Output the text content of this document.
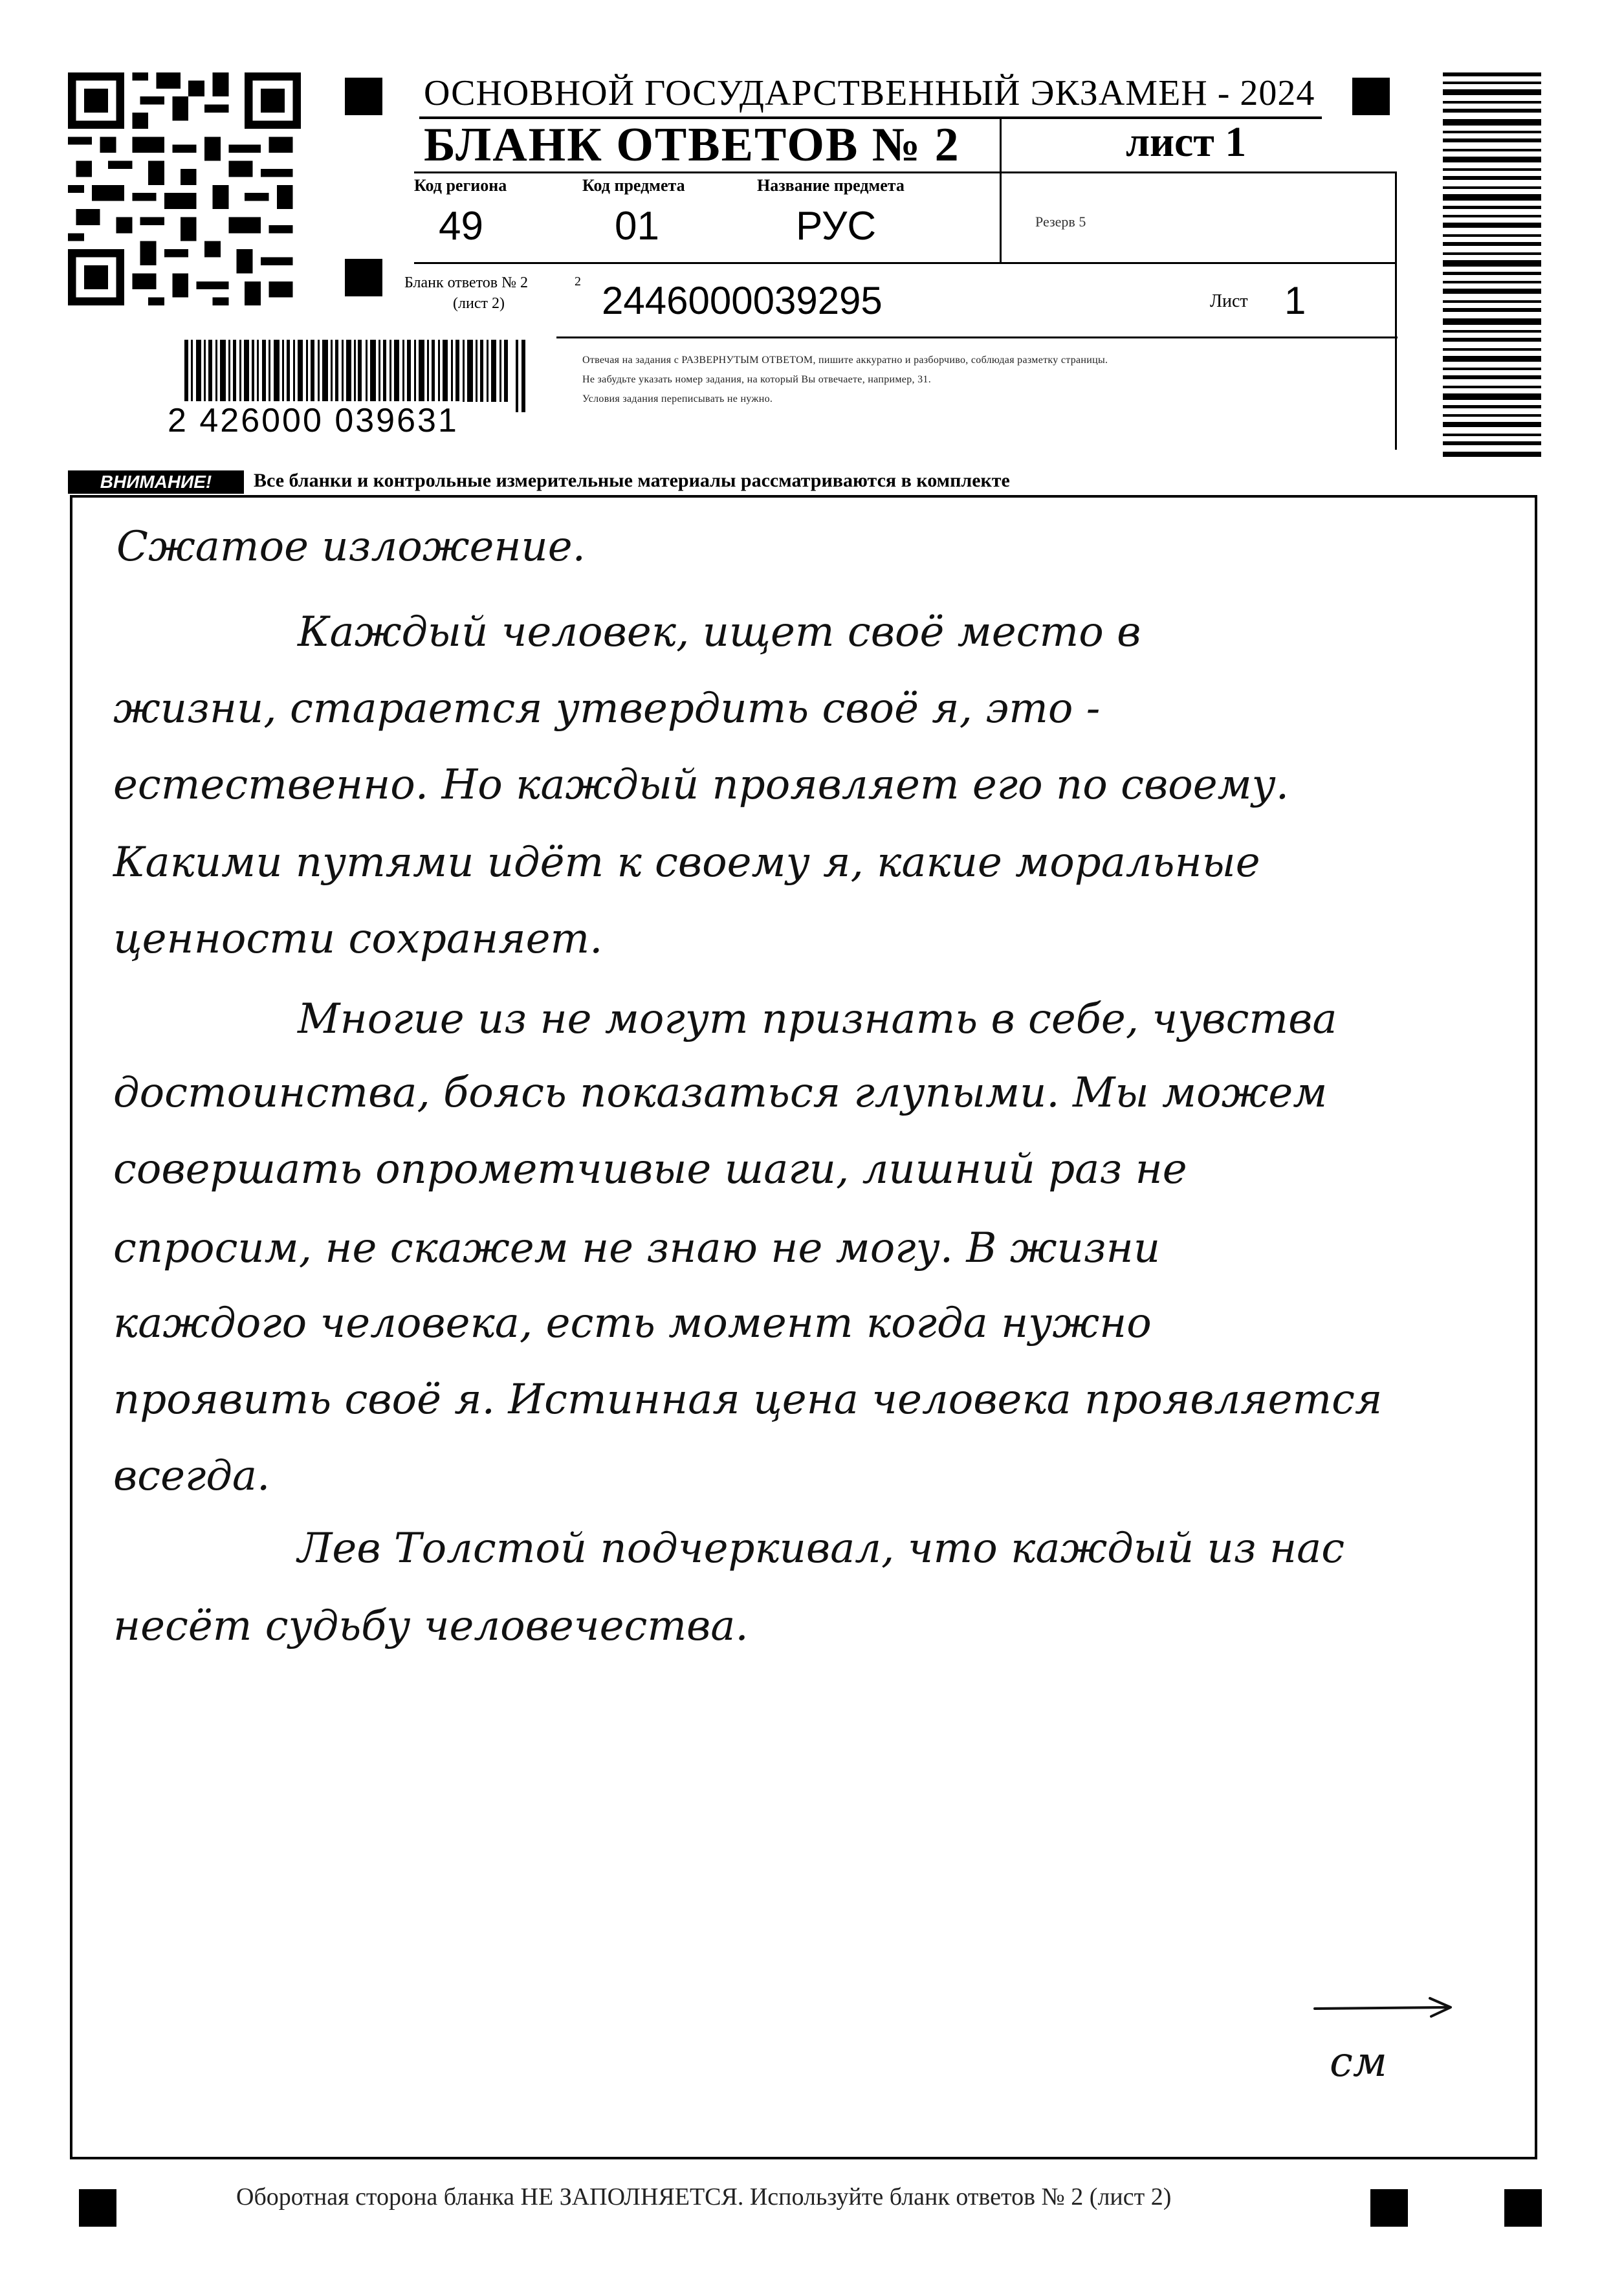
ОСНОВНОЙ ГОСУДАРСТВЕННЫЙ ЭКЗАМЕН - 2024
БЛАНК ОТВЕТОВ № 2	лист 1
Код региона
49
Код предмета
01
Название предмета
РУС	Резерв 5
Бланк ответов № 2
(лист 2)
2 2446000039295	Лист 1
2 426000 039631
Отвечая на задания с РАЗВЕРНУТЫМ ОТВЕТОМ, пишите аккуратно и разборчиво, соблюдая разметку страницы.
Не забудьте указать номер задания, на который Вы отвечаете, например, 31.
Условия задания переписывать не нужно.
ВНИМАНИЕ!	Все бланки и контрольные измерительные материалы рассматриваются в комплекте
Сжатое изложение.
Каждый человек, ищет своё место в
жизни, старается утвердить своё я, это -
естественно. Но каждый проявляет его по своему.
Какими путями идёт к своему я, какие моральные
ценности сохраняет.
Многие из не могут признать в себе, чувства
достоинства, боясь показаться глупыми. Мы можем
совершать опрометчивые шаги, лишний раз не
спросим, не скажем не знаю не могу. В жизни
каждого человека, есть момент когда нужно
проявить своё я. Истинная цена человека проявляется
всегда.
Лев Толстой подчеркивал, что каждый из нас
несёт судьбу человечества.
см
Оборотная сторона бланка НЕ ЗАПОЛНЯЕТСЯ. Используйте бланк ответов № 2 (лист 2)
